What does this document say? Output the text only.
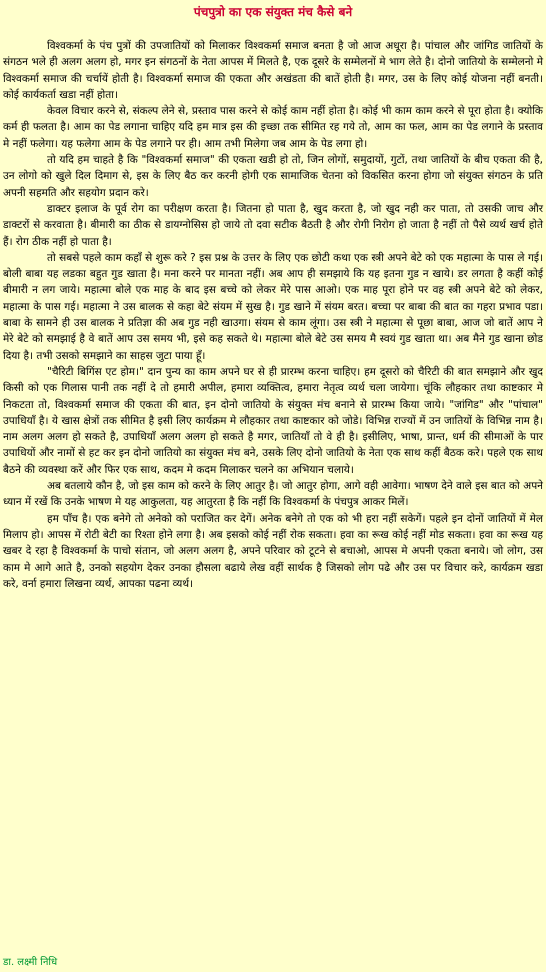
पंचपुत्रो का एक संयुक्त मंच कैसे बने

विश्वकर्मा के पंच पुत्रों की उपजातियों को मिलाकर विश्वकर्मा समाज बनता है जो आज अधूरा है। पांचाल और जांगिड जातियों के संगठन भले ही अलग अलग हो, मगर इन संगठनों के नेता आपस में मिलते है, एक दूसरे के सम्मेलनों मे भाग लेते है। दोनो जातियो के सम्मेलनो मे विश्वकर्मा समाज की चर्चायें होती है। विश्वकर्मा समाज की एकता और अखंडता की बातें होती है। मगर, उस के लिए कोई योजना नहीं बनती। कोई कार्यकर्ता खडा नहीं होता।

केवल विचार करने से, संकल्प लेने से, प्रस्ताव पास करने से कोई काम नहीं होता है। कोई भी काम काम करने से पूरा होता है। क्योकि कर्म ही फलता है। आम का पेड लगाना चाहिए यदि हम मात्र इस की इच्छा तक सीमित रह गये तो, आम का फल, आम का पेड लगाने के प्रस्ताव मे नहीं फलेगा। यह फलेगा आम के पेड लगाने पर ही। आम तभी मिलेगा जब आम के पेड लगा हो।

तो यदि हम चाहते है कि "विश्वकर्मा समाज" की एकता खडी हो तो, जिन लोगों, समुदायों, गुटों, तथा जातियों के बीच एकता की है, उन लोगो को खुले दिल दिमाग से, इस के लिए बैठ कर करनी होगी एक सामाजिक चेतना को विकसित करना होगा जो संयुक्त संगठन के प्रति अपनी सहमति और सहयोग प्रदान करे।

डाक्टर इलाज के पूर्व रोग का परीक्षण करता है। जितना हो पाता है, खुद करता है, जो खुद नही कर पाता, तो उसकी जाच और डाक्टरों से करवाता है। बीमारी का ठीक से डायग्नोसिस हो जाये तो दवा सटीक बैठती है और रोगी निरोग हो जाता है नहीं तो पैसे व्यर्थ खर्च होते हैं। रोग ठीक नहीं हो पाता है।

तो सबसे पहले काम कहाँ से शुरू करे ? इस प्रश्न के उत्तर के लिए एक छोटी कथा एक स्त्री अपने बेटे को एक महात्मा के पास ले गई। बोली बाबा यह लडका बहुत गुड खाता है। मना करने पर मानता नहीं। अब आप ही समझाये कि यह इतना गुड न खाये। डर लगता है कहीं कोई बीमारी न लग जाये। महात्मा बोले एक माह के बाद इस बच्चे को लेकर मेरे पास आओ। एक माह पूरा होने पर वह स्त्री अपने बेटे को लेकर, महात्मा के पास गई। महात्मा ने उस बालक से कहा बेटे संयम में सुख है। गुड खाने में संयम बरत। बच्चा पर बाबा की बात का गहरा प्रभाव पडा। बाबा के सामने ही उस बालक ने प्रतिज्ञा की अब गुड नही खाउगा। संयम से काम लूंगा। उस स्त्री ने महात्मा से पूछा बाबा, आज जो बातें आप ने मेरे बेटे को समझाई है वे बातें आप उस समय भी, इसे कह सकते थे। महात्मा बोले बेटे उस समय मै स्वयं गुड खाता था। अब मैने गुड खाना छोड दिया है। तभी उसको समझाने का साहस जुटा पाया हूँ।

"चैरिटी बिगिंस एट होम।" दान पुन्य का काम अपने घर से ही प्रारम्भ करना चाहिए। हम दूसरो को चैरिटी की बात समझाने और खुद किसी को एक गिलास पानी तक नहीं दे तो हमारी अपील, हमारा व्यक्तित्व, हमारा नेतृत्व व्यर्थ चला जायेगा। चूंकि लौहकार तथा काष्टकार मे निकटता तो, विश्वकर्मा समाज की एकता की बात, इन दोनो जातियो के संयुक्त मंच बनाने से प्रारम्भ किया जाये। "जांगिड" और "पांचाल" उपाधियाँ है। ये खास क्षेत्रों तक सीमित है इसी लिए कार्यक्रम मे लौहकार तथा काष्टकार को जोडे। विभिन्न राज्यों में उन जातियों के विभिन्न नाम है। नाम अलग अलग हो सकते है, उपाधियाँ अलग अलग हो सकते है मगर, जातियाँ तो वे ही है। इसीलिए, भाषा, प्रान्त, धर्म की सीमाओं के पार उपाधियों और नामों से हट कर इन दोनो जातियो का संयुक्त मंच बने, उसके लिए दोनो जातियो के नेता एक साथ कहीं बैठक करे। पहले एक साथ बैठने की व्यवस्था करें और फिर एक साथ, कदम मे कदम मिलाकर चलने का अभियान चलाये।

अब बतलाये कौन है, जो इस काम को करने के लिए आतुर है। जो आतुर होगा, आगे वही आवेगा। भाषण देने वाले इस बात को अपने ध्यान में रखें कि उनके भाषण मे यह आकुलता, यह आतुरता है कि नहीं कि विश्वकर्मा के पंचपुत्र आकर मिलें।

हम पाँच है। एक बनेगे तो अनेको को पराजित कर देगें। अनेक बनेगे तो एक को भी हरा नहीं सकेगें। पहले इन दोनों जातियों में मेल मिलाप हो। आपस में रोटी बेटी का रिश्ता होने लगा है। अब इसको कोई नहीं रोक सकता। हवा का रूख कोई नहीं मोड सकता। हवा का रूख यह खबर दे रहा है विश्वकर्मा के पाचो संतान, जो अलग अलग है, अपने परिवार को टूटने से बचाओ, आपस मे अपनी एकता बनाये। जो लोग, उस काम मे आगे आते है, उनको सहयोग देकर उनका हौसला बढाये लेख वहीं सार्थक है जिसको लोग पढे और उस पर विचार करे, कार्यक्रम खडा करे, वर्ना हमारा लिखना व्यर्थ, आपका पढना व्यर्थ।

डा. लक्ष्मी निधि
